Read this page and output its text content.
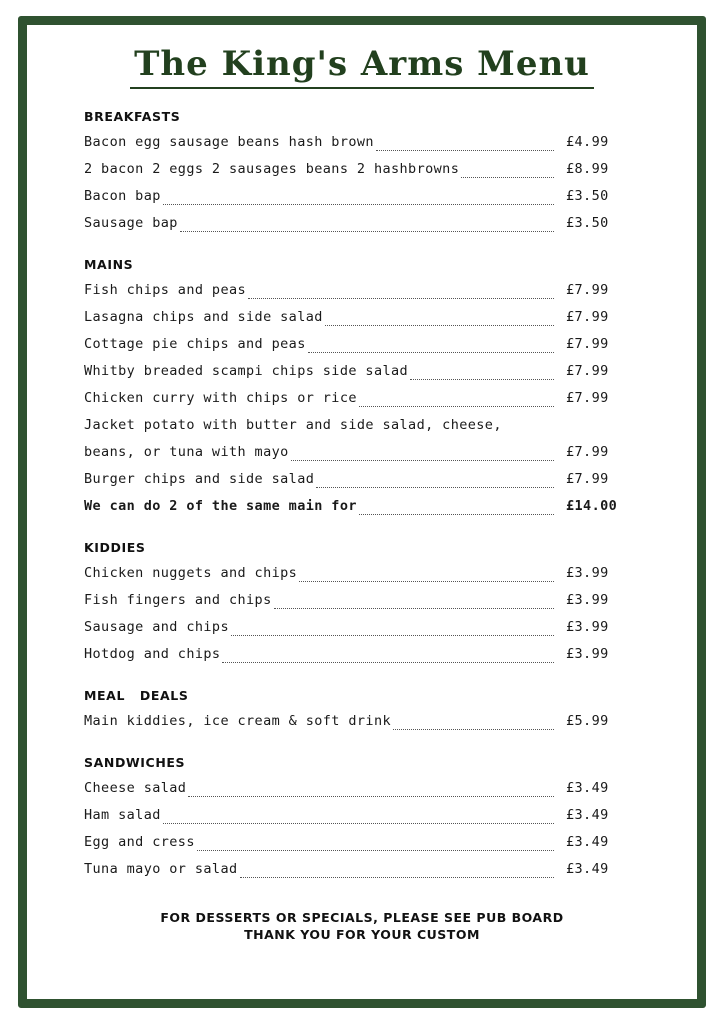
The King's Arms Menu
BREAKFASTS
Bacon egg sausage beans hash brown	£4.99
2 bacon 2 eggs 2 sausages beans 2 hashbrowns	£8.99
Bacon bap	£3.50
Sausage bap	£3.50
MAINS
Fish chips and peas	£7.99
Lasagna chips and side salad	£7.99
Cottage pie chips and peas	£7.99
Whitby breaded scampi chips side salad	£7.99
Chicken curry with chips or rice	£7.99
Jacket potato with butter and side salad, cheese,
beans, or tuna with mayo	£7.99
Burger chips and side salad	£7.99
We can do 2 of the same main for	£14.00
KIDDIES
Chicken nuggets and chips	£3.99
Fish fingers and chips	£3.99
Sausage and chips	£3.99
Hotdog and chips	£3.99
MEAL   DEALS
Main kiddies, ice cream & soft drink	£5.99
SANDWICHES
Cheese salad	£3.49
Ham salad	£3.49
Egg and cress	£3.49
Tuna mayo or salad	£3.49
FOR DESSERTS OR SPECIALS, PLEASE SEE PUB BOARD
THANK YOU FOR YOUR CUSTOM
